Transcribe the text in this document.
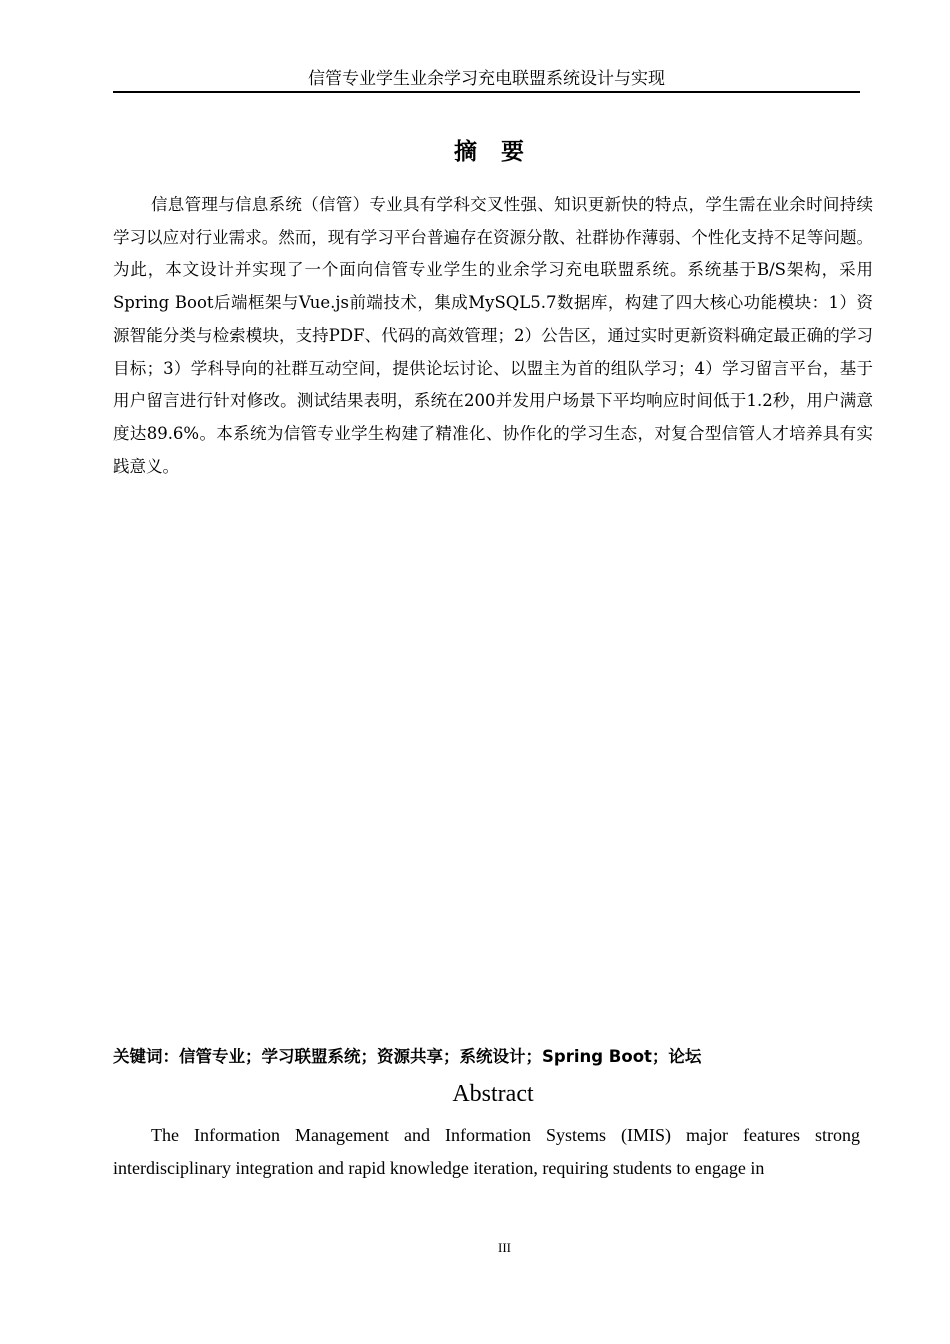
信管专业学生业余学习充电联盟系统设计与实现
摘 要

信息管理与信息系统（信管）专业具有学科交叉性强、知识更新快的特点，学生需在业余时间持续学习以应对行业需求。然而，现有学习平台普遍存在资源分散、社群协作薄弱、个性化支持不足等问题。为此，本文设计并实现了一个面向信管专业学生的业余学习充电联盟系统。系统基于B/S架构，采用Spring Boot后端框架与Vue.js前端技术，集成MySQL5.7数据库，构建了四大核心功能模块：1）资源智能分类与检索模块，支持PDF、代码的高效管理；2）公告区，通过实时更新资料确定最正确的学习目标；3）学科导向的社群互动空间，提供论坛讨论、以盟主为首的组队学习；4）学习留言平台，基于用户留言进行针对修改。测试结果表明，系统在200并发用户场景下平均响应时间低于1.2秒，用户满意度达89.6%。本系统为信管专业学生构建了精准化、协作化的学习生态，对复合型信管人才培养具有实践意义。

关键词：信管专业；学习联盟系统；资源共享；系统设计；Spring Boot；论坛
Abstract

The Information Management and Information Systems (IMIS) major features strong interdisciplinary integration and rapid knowledge iteration, requiring students to engage in

III
